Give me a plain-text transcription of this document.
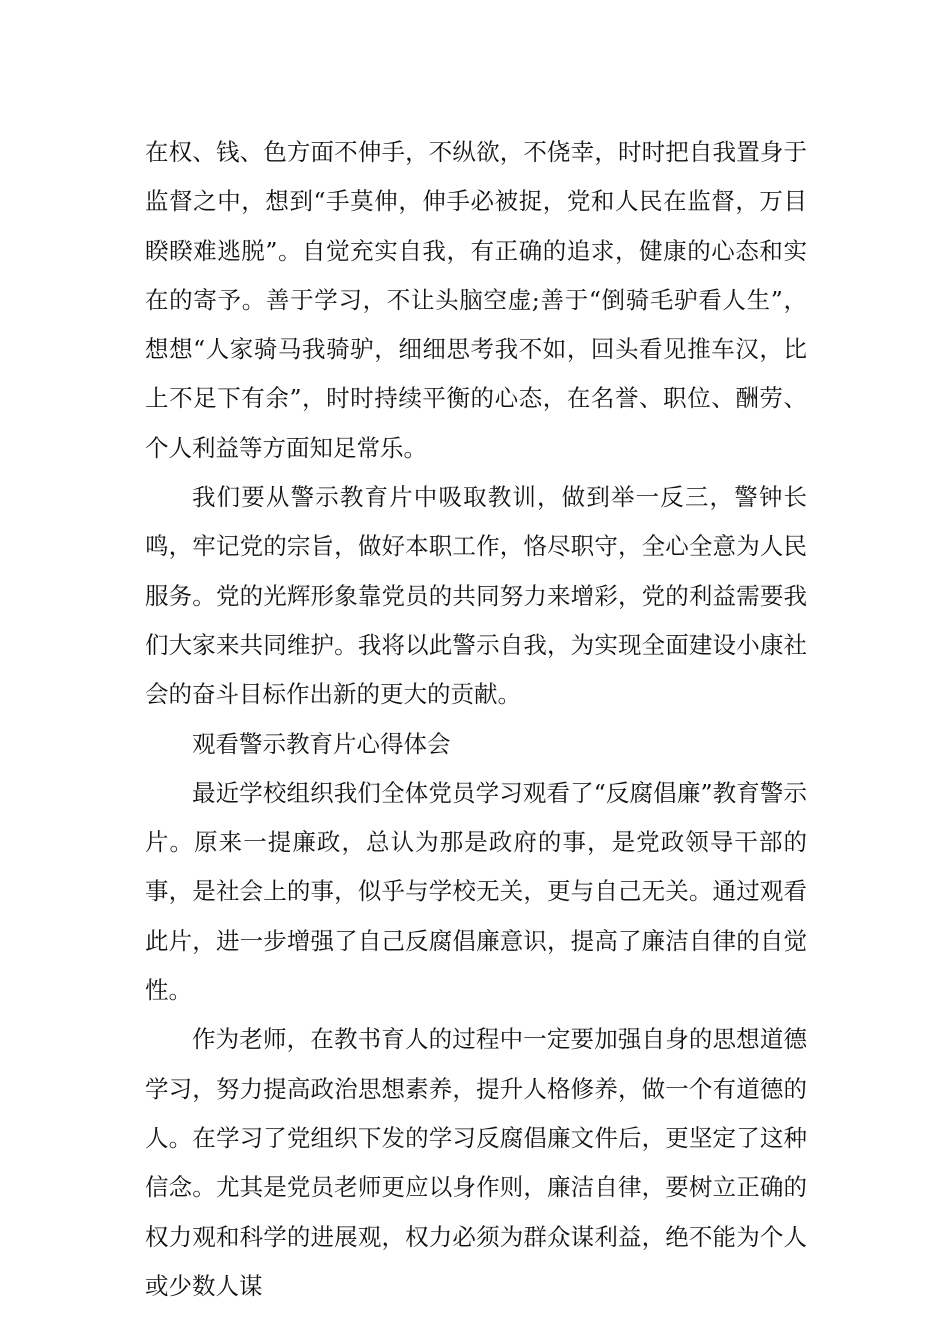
在权、钱、色方面不伸手，不纵欲，不侥幸，时时把自我置身于监督之中，想到“手莫伸，伸手必被捉，党和人民在监督，万目睽睽难逃脱”。自觉充实自我，有正确的追求，健康的心态和实在的寄予。善于学习，不让头脑空虚;善于“倒骑毛驴看人生”，想想“人家骑马我骑驴，细细思考我不如，回头看见推车汉，比上不足下有余”，时时持续平衡的心态，在名誉、职位、酬劳、个人利益等方面知足常乐。

我们要从警示教育片中吸取教训，做到举一反三，警钟长鸣，牢记党的宗旨，做好本职工作，恪尽职守，全心全意为人民服务。党的光辉形象靠党员的共同努力来增彩，党的利益需要我们大家来共同维护。我将以此警示自我，为实现全面建设小康社会的奋斗目标作出新的更大的贡献。

观看警示教育片心得体会

最近学校组织我们全体党员学习观看了“反腐倡廉”教育警示片。原来一提廉政，总认为那是政府的事，是党政领导干部的事，是社会上的事，似乎与学校无关，更与自己无关。通过观看此片，进一步增强了自己反腐倡廉意识，提高了廉洁自律的自觉性。

作为老师，在教书育人的过程中一定要加强自身的思想道德学习，努力提高政治思想素养，提升人格修养，做一个有道德的人。在学习了党组织下发的学习反腐倡廉文件后，更坚定了这种信念。尤其是党员老师更应以身作则，廉洁自律，要树立正确的权力观和科学的进展观，权力必须为群众谋利益，绝不能为个人或少数人谋
